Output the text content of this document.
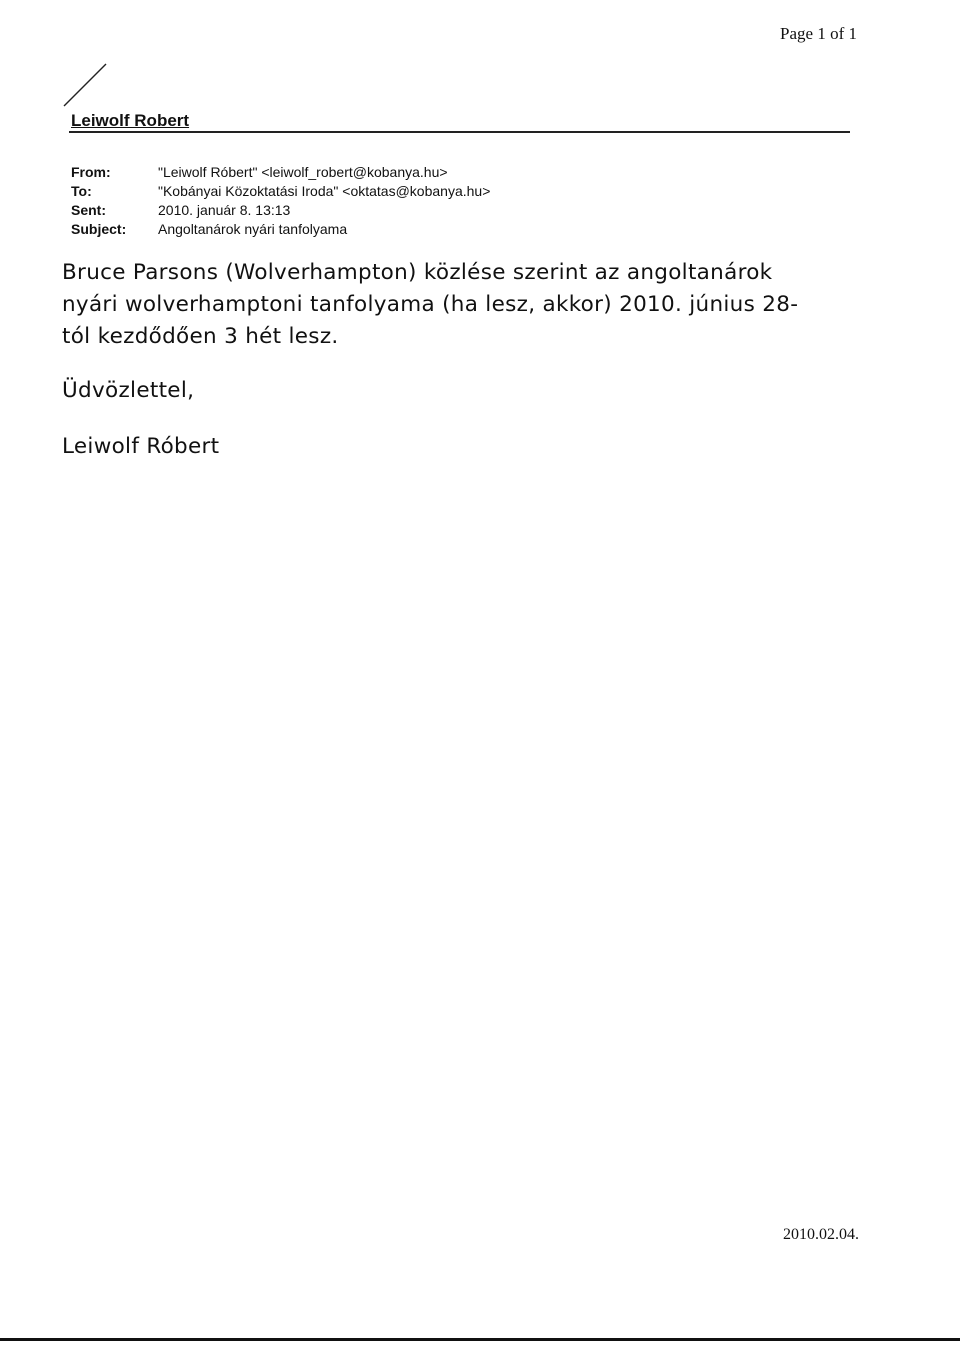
Page 1 of 1
Leiwolf Robert
From:	"Leiwolf Róbert" <leiwolf_robert@kobanya.hu>
To:	"Kobányai Közoktatási Iroda" <oktatas@kobanya.hu>
Sent:	2010. január 8. 13:13
Subject:	Angoltanárok nyári tanfolyama

Bruce Parsons (Wolverhampton) közlése szerint az angoltanárok

nyári wolverhamptoni tanfolyama (ha lesz, akkor) 2010. június 28-

tól kezdődően 3 hét lesz.

Üdvözlettel,
Leiwolf Róbert
2010.02.04.
